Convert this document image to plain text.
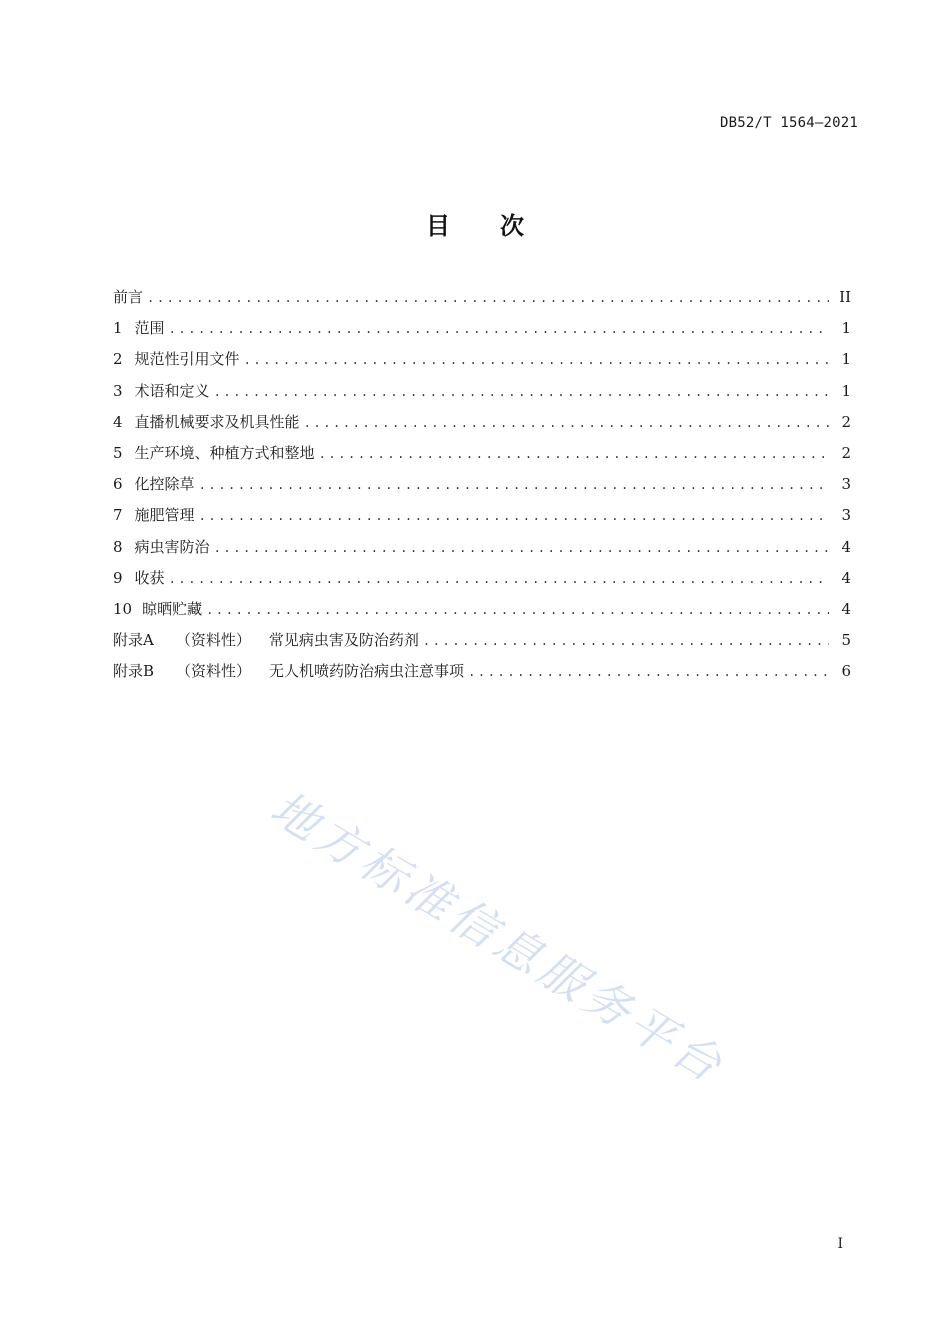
DB52/T 1564—2021
目 次
前言 .....	II
1 范围 .....	1
2 规范性引用文件 .....	1
3 术语和定义 .....	1
4 直播机械要求及机具性能 .....	2
5 生产环境、种植方式和整地 .....	2
6 化控除草 .....	3
7 施肥管理 .....	3
8 病虫害防治 .....	4
9 收获 .....	4
10 晾晒贮藏 .....	4
附录A （资料性） 常见病虫害及防治药剂 .....	5
附录B （资料性） 无人机喷药防治病虫注意事项 .....	6
地方标准信息服务平台
I
